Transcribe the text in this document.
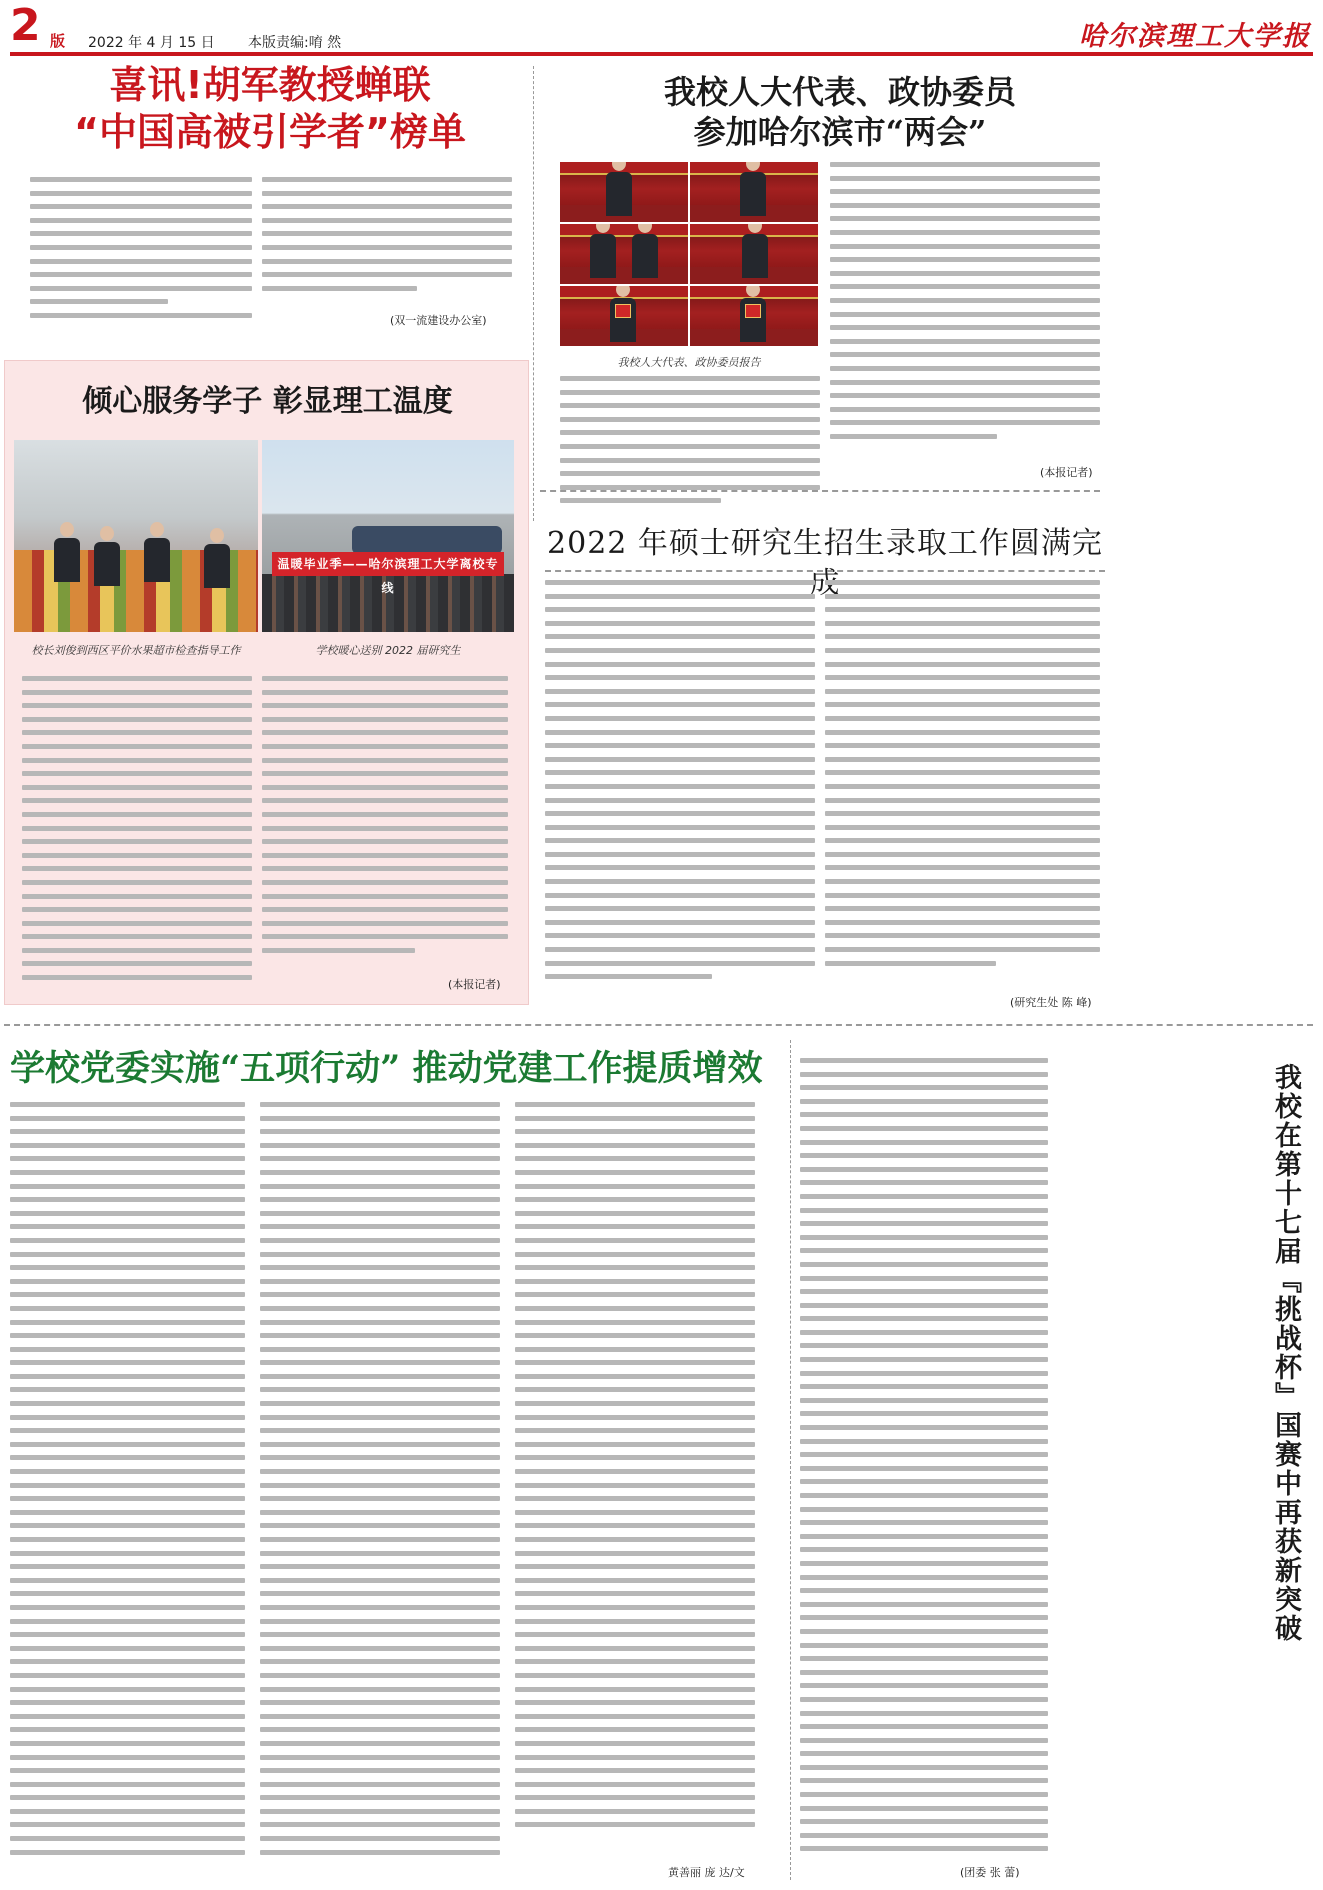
2 版 2022 年 4 月 15 日 本版责编:唷 然	哈尔滨理工大学报
喜讯!胡军教授蝉联
“中国高被引学者”榜单
(双一流建设办公室)
我校人大代表、政协委员
参加哈尔滨市“两会”
我校人大代表、政协委员报告
(本报记者)
倾心服务学子 彰显理工温度
温暖毕业季——哈尔滨理工大学离校专线
校长刘俊到西区平价水果超市检查指导工作	学校暖心送别 2022 届研究生
(本报记者)
2022 年硕士研究生招生录取工作圆满完
(研究生处 陈 峰)
学校党委实施“五项行动” 推动党建工作提质增效
黄善丽 庞 达/文	(团委 张 蕾)
我校在第十七届『挑战杯』国赛中再获新突破
